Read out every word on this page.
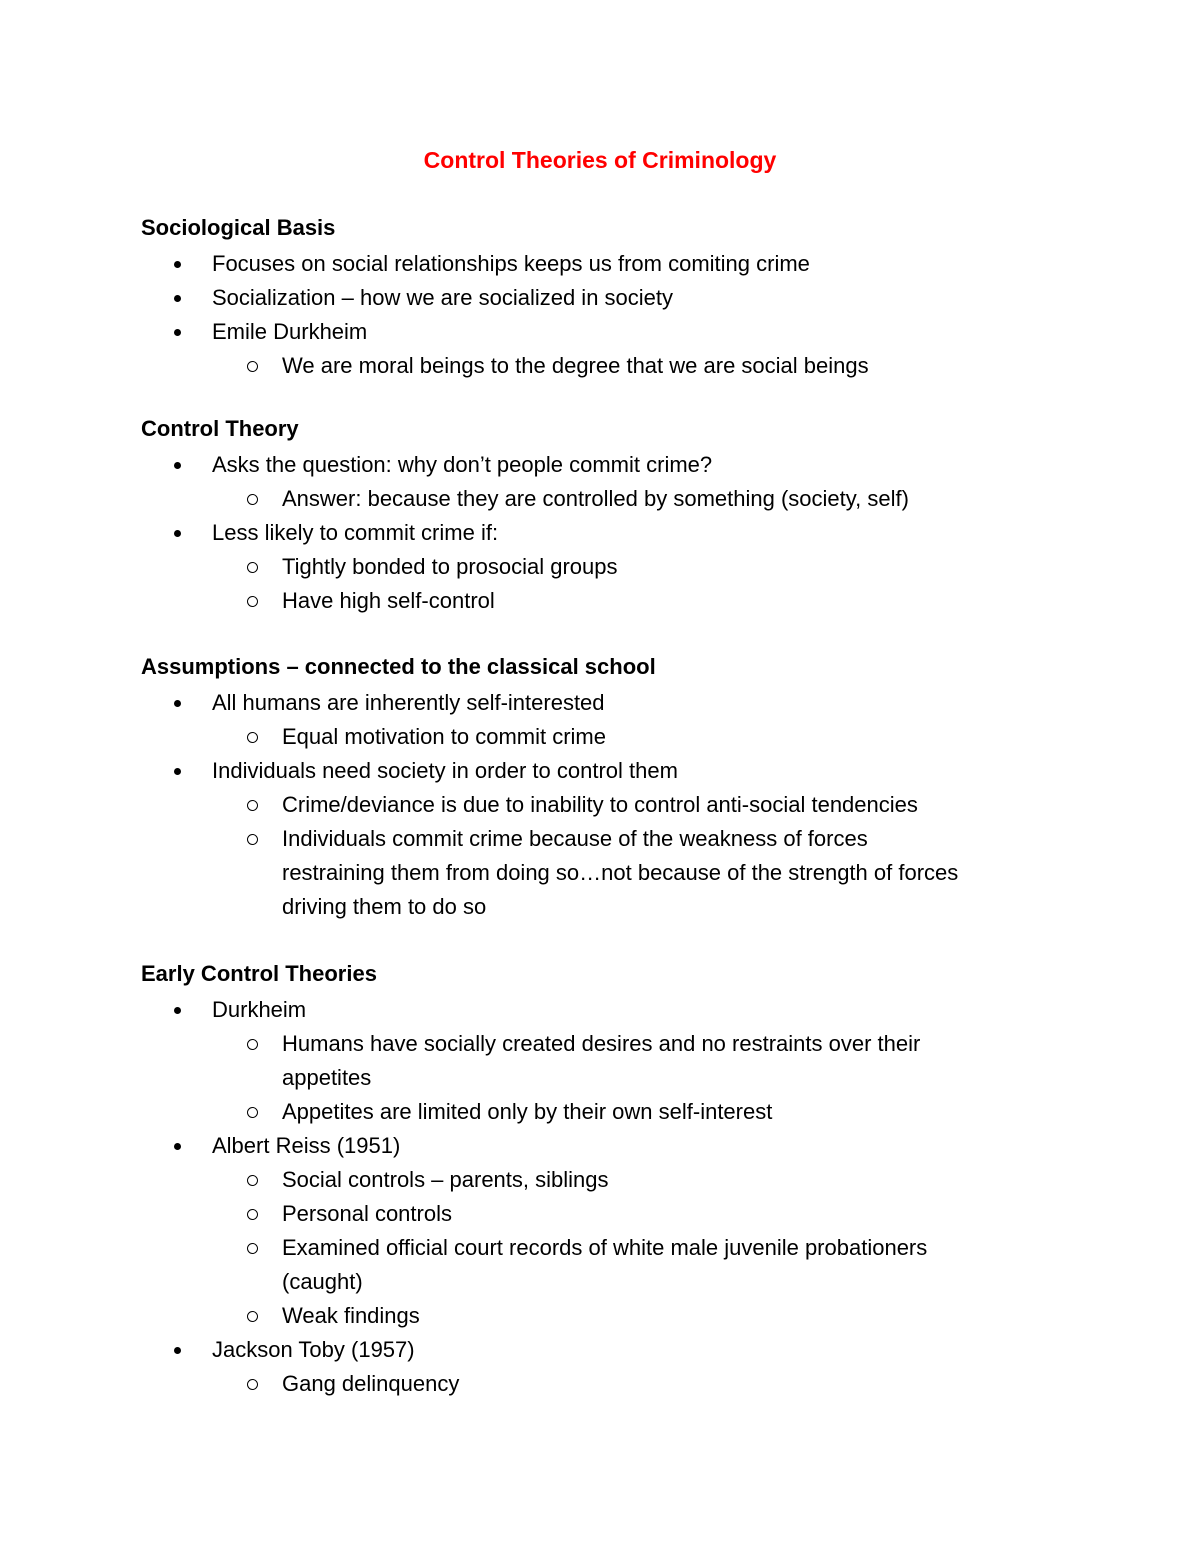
Control Theories of Criminology
Sociological Basis
Focuses on social relationships keeps us from comiting crime
Socialization – how we are socialized in society
Emile Durkheim
We are moral beings to the degree that we are social beings
Control Theory
Asks the question: why don’t people commit crime?
Answer: because they are controlled by something (society, self)
Less likely to commit crime if:
Tightly bonded to prosocial groups
Have high self-control
Assumptions – connected to the classical school
All humans are inherently self-interested
Equal motivation to commit crime
Individuals need society in order to control them
Crime/deviance is due to inability to control anti-social tendencies
Individuals commit crime because of the weakness of forces
restraining them from doing so…not because of the strength of forces
driving them to do so
Early Control Theories
Durkheim
Humans have socially created desires and no restraints over their
appetites
Appetites are limited only by their own self-interest
Albert Reiss (1951)
Social controls – parents, siblings
Personal controls
Examined official court records of white male juvenile probationers
(caught)
Weak findings
Jackson Toby (1957)
Gang delinquency
